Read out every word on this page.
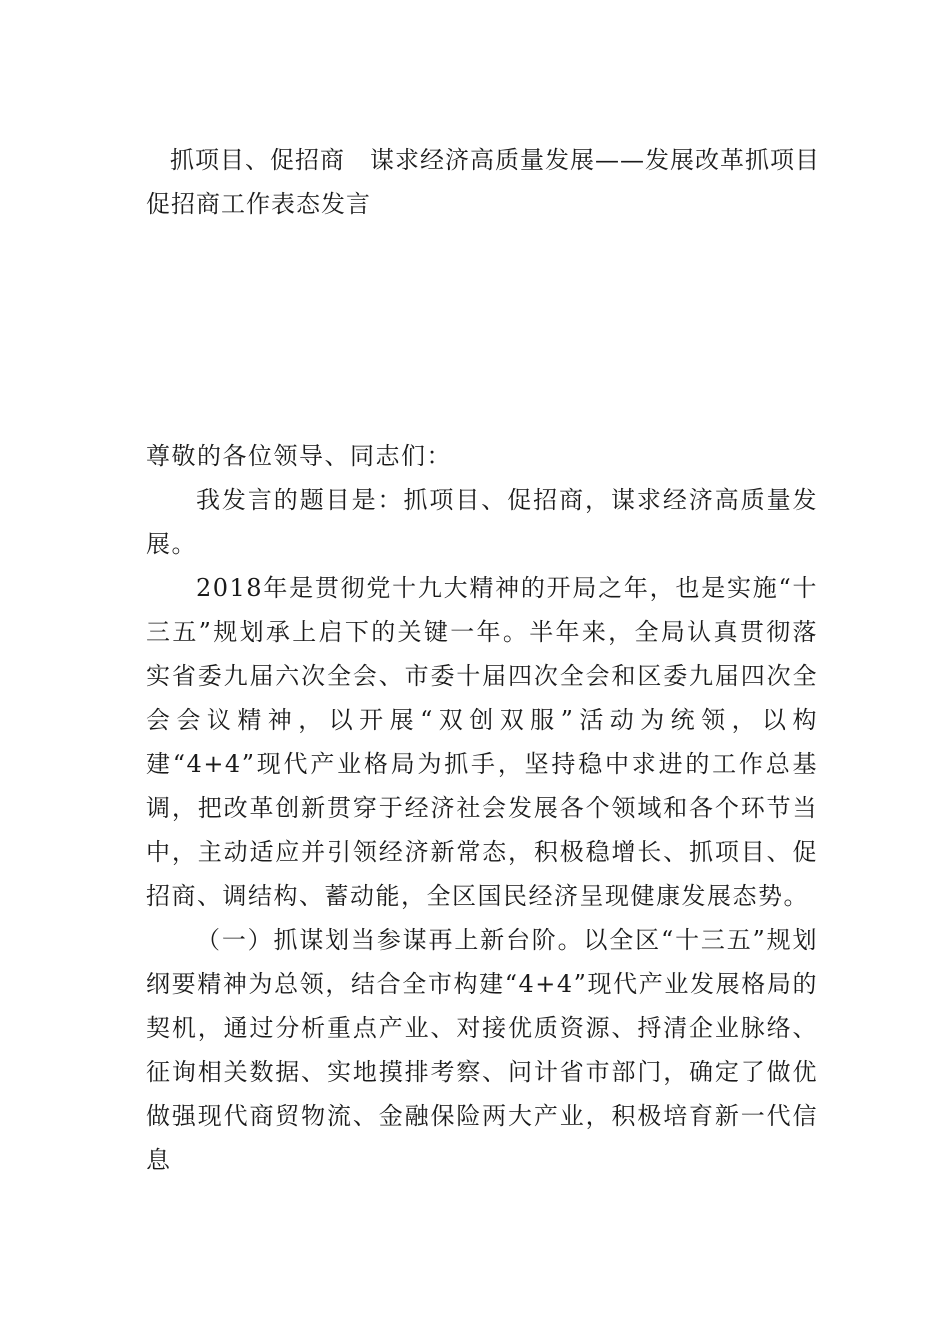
抓项目、促招商　谋求经济高质量发展——发展改革抓项目促招商工作表态发言

尊敬的各位领导、同志们：

我发言的题目是：抓项目、促招商，谋求经济高质量发展。

2018年是贯彻党十九大精神的开局之年，也是实施“十三五”规划承上启下的关键一年。半年来，全局认真贯彻落实省委九届六次全会、市委十届四次全会和区委九届四次全会会议精神，以开展“双创双服”活动为统领，以构建“4+4”现代产业格局为抓手，坚持稳中求进的工作总基调，把改革创新贯穿于经济社会发展各个领域和各个环节当中，主动适应并引领经济新常态，积极稳增长、抓项目、促招商、调结构、蓄动能，全区国民经济呈现健康发展态势。

（一）抓谋划当参谋再上新台阶。以全区“十三五”规划纲要精神为总领，结合全市构建“4+4”现代产业发展格局的契机，通过分析重点产业、对接优质资源、捋清企业脉络、征询相关数据、实地摸排考察、问计省市部门，确定了做优做强现代商贸物流、金融保险两大产业，积极培育新一代信息
